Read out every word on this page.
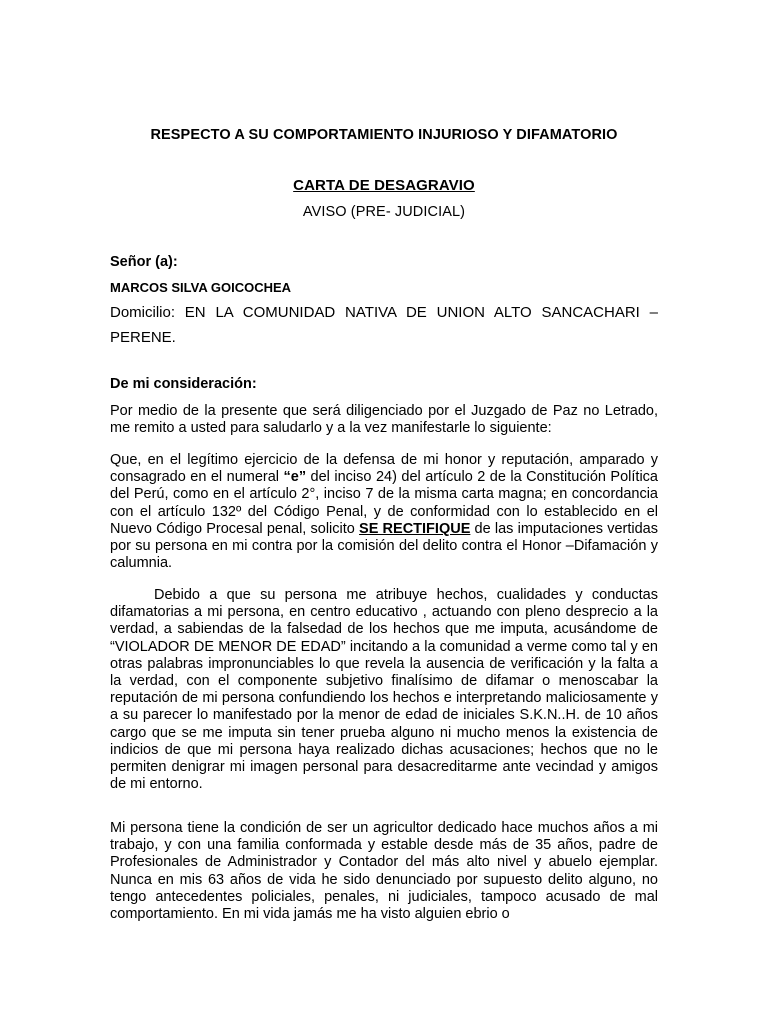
RESPECTO A SU COMPORTAMIENTO INJURIOSO Y DIFAMATORIO

CARTA DE DESAGRAVIO

AVISO (PRE- JUDICIAL)

Señor (a):

MARCOS SILVA GOICOCHEA

Domicilio: EN LA COMUNIDAD NATIVA DE UNION ALTO SANCACHARI – PERENE.

De mi consideración:

Por medio de la presente que será diligenciado por el Juzgado de Paz no Letrado, me remito a usted para saludarlo y a la vez manifestarle lo siguiente:

Que, en el legítimo ejercicio de la defensa de mi honor y reputación, amparado y consagrado en el numeral “e” del inciso 24) del artículo 2 de la Constitución Política del Perú, como en el artículo 2°, inciso 7 de la misma carta magna; en concordancia con el artículo 132º del Código Penal, y de conformidad con lo establecido en el Nuevo Código Procesal penal, solicito SE RECTIFIQUE de las imputaciones vertidas por su persona en mi contra por la comisión del delito contra el Honor –Difamación y calumnia.

Debido a que su persona me atribuye hechos, cualidades y conductas difamatorias a mi persona, en centro educativo , actuando con pleno desprecio a la verdad, a sabiendas de la falsedad de los hechos que me imputa, acusándome de “VIOLADOR DE MENOR DE EDAD” incitando a la comunidad a verme como tal y en otras palabras impronunciables lo que revela la ausencia de verificación y la falta a la verdad, con el componente subjetivo finalísimo de difamar o menoscabar la reputación de mi persona confundiendo los hechos e interpretando maliciosamente y a su parecer lo manifestado por la menor de edad de iniciales S.K.N..H. de 10 años cargo que se me imputa sin tener prueba alguno ni mucho menos la existencia de indicios de que mi persona haya realizado dichas acusaciones; hechos que no le permiten denigrar mi imagen personal para desacreditarme ante vecindad y amigos de mi entorno.

Mi persona tiene la condición de ser un agricultor dedicado hace muchos años a mi trabajo, y con una familia conformada y estable desde más de 35 años, padre de Profesionales de Administrador y Contador del más alto nivel y abuelo ejemplar. Nunca en mis 63 años de vida he sido denunciado por supuesto delito alguno, no tengo antecedentes policiales, penales, ni judiciales, tampoco acusado de mal comportamiento. En mi vida jamás me ha visto alguien ebrio o
